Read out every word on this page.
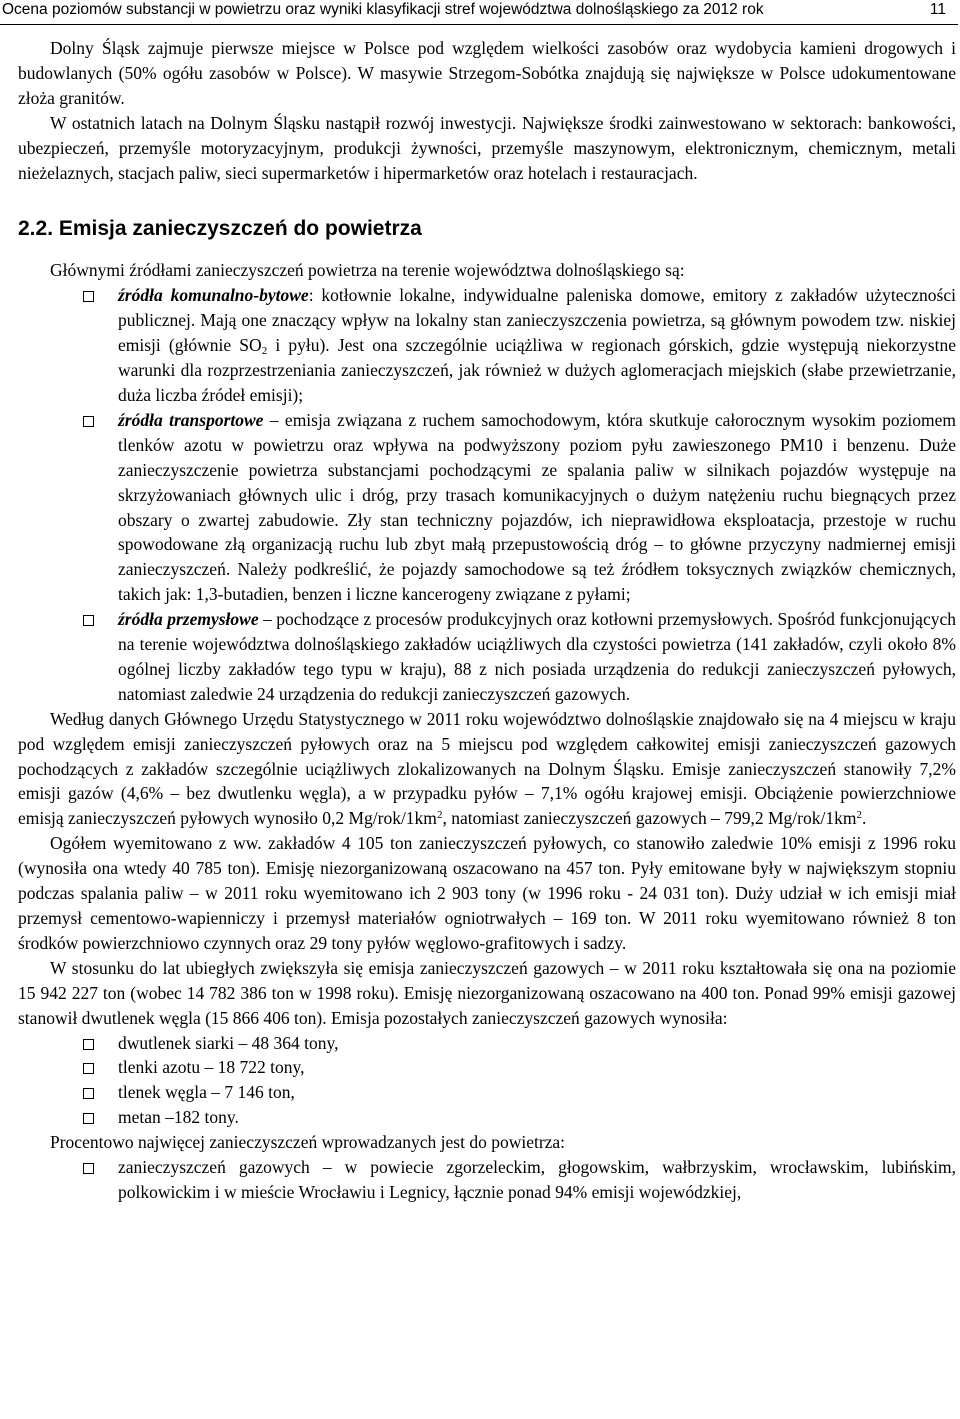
Ocena poziomów substancji w powietrzu oraz wyniki klasyfikacji stref województwa dolnośląskiego za 2012 rok	11

Dolny Śląsk zajmuje pierwsze miejsce w Polsce pod względem wielkości zasobów oraz wydobycia kamieni drogowych i budowlanych (50% ogółu zasobów w Polsce). W masywie Strzegom-Sobótka znajdują się największe w Polsce udokumentowane złoża granitów.

W ostatnich latach na Dolnym Śląsku nastąpił rozwój inwestycji. Największe środki zainwestowano w sektorach: bankowości, ubezpieczeń, przemyśle motoryzacyjnym, produkcji żywności, przemyśle maszynowym, elektronicznym, chemicznym, metali nieżelaznych, stacjach paliw, sieci supermarketów i hipermarketów oraz hotelach i restauracjach.

2.2. Emisja zanieczyszczeń do powietrza

Głównymi źródłami zanieczyszczeń powietrza na terenie województwa dolnośląskiego są:

źródła komunalno-bytowe: kotłownie lokalne, indywidualne paleniska domowe, emitory z zakładów użyteczności publicznej. Mają one znaczący wpływ na lokalny stan zanieczyszczenia powietrza, są głównym powodem tzw. niskiej emisji (głównie $SO_2$ i pyłu). Jest ona szczególnie uciążliwa w regionach górskich, gdzie występują niekorzystne warunki dla rozprzestrzeniania zanieczyszczeń, jak również w dużych aglomeracjach miejskich (słabe przewietrzanie, duża liczba źródeł emisji);
źródła transportowe – emisja związana z ruchem samochodowym, która skutkuje całorocznym wysokim poziomem tlenków azotu w powietrzu oraz wpływa na podwyższony poziom pyłu zawieszonego PM10 i benzenu. Duże zanieczyszczenie powietrza substancjami pochodzącymi ze spalania paliw w silnikach pojazdów występuje na skrzyżowaniach głównych ulic i dróg, przy trasach komunikacyjnych o dużym natężeniu ruchu biegnących przez obszary o zwartej zabudowie. Zły stan techniczny pojazdów, ich nieprawidłowa eksploatacja, przestoje w ruchu spowodowane złą organizacją ruchu lub zbyt małą przepustowością dróg – to główne przyczyny nadmiernej emisji zanieczyszczeń. Należy podkreślić, że pojazdy samochodowe są też źródłem toksycznych związków chemicznych, takich jak: 1,3-butadien, benzen i liczne kancerogeny związane z pyłami;
źródła przemysłowe – pochodzące z procesów produkcyjnych oraz kotłowni przemysłowych. Spośród funkcjonujących na terenie województwa dolnośląskiego zakładów uciążliwych dla czystości powietrza (141 zakładów, czyli około 8% ogólnej liczby zakładów tego typu w kraju), 88 z nich posiada urządzenia do redukcji zanieczyszczeń pyłowych, natomiast zaledwie 24 urządzenia do redukcji zanieczyszczeń gazowych.

Według danych Głównego Urzędu Statystycznego w 2011 roku województwo dolnośląskie znajdowało się na 4 miejscu w kraju pod względem emisji zanieczyszczeń pyłowych oraz na 5 miejscu pod względem całkowitej emisji zanieczyszczeń gazowych pochodzących z zakładów szczególnie uciążliwych zlokalizowanych na Dolnym Śląsku. Emisje zanieczyszczeń stanowiły 7,2% emisji gazów (4,6% – bez dwutlenku węgla), a w przypadku pyłów – 7,1% ogółu krajowej emisji. Obciążenie powierzchniowe emisją zanieczyszczeń pyłowych wynosiło 0,2 $Mg/rok/1km^2$, natomiast zanieczyszczeń gazowych – 799,2 $Mg/rok/1km^2$.

Ogółem wyemitowano z ww. zakładów 4 105 ton zanieczyszczeń pyłowych, co stanowiło zaledwie 10% emisji z 1996 roku (wynosiła ona wtedy 40 785 ton). Emisję niezorganizowaną oszacowano na 457 ton. Pyły emitowane były w największym stopniu podczas spalania paliw – w 2011 roku wyemitowano ich 2 903 tony (w 1996 roku - 24 031 ton). Duży udział w ich emisji miał przemysł cementowo-wapienniczy i przemysł materiałów ogniotrwałych – 169 ton. W 2011 roku wyemitowano również 8 ton środków powierzchniowo czynnych oraz 29 tony pyłów węglowo-grafitowych i sadzy.

W stosunku do lat ubiegłych zwiększyła się emisja zanieczyszczeń gazowych – w 2011 roku kształtowała się ona na poziomie 15 942 227 ton (wobec 14 782 386 ton w 1998 roku). Emisję niezorganizowaną oszacowano na 400 ton. Ponad 99% emisji gazowej stanowił dwutlenek węgla (15 866 406 ton). Emisja pozostałych zanieczyszczeń gazowych wynosiła:

dwutlenek siarki – 48 364 tony,
tlenki azotu – 18 722 tony,
tlenek węgla – 7 146 ton,
metan –182 tony.

Procentowo najwięcej zanieczyszczeń wprowadzanych jest do powietrza:

zanieczyszczeń gazowych – w powiecie zgorzeleckim, głogowskim, wałbrzyskim, wrocławskim, lubińskim, polkowickim i w mieście Wrocławiu i Legnicy, łącznie ponad 94% emisji wojewódzkiej,
